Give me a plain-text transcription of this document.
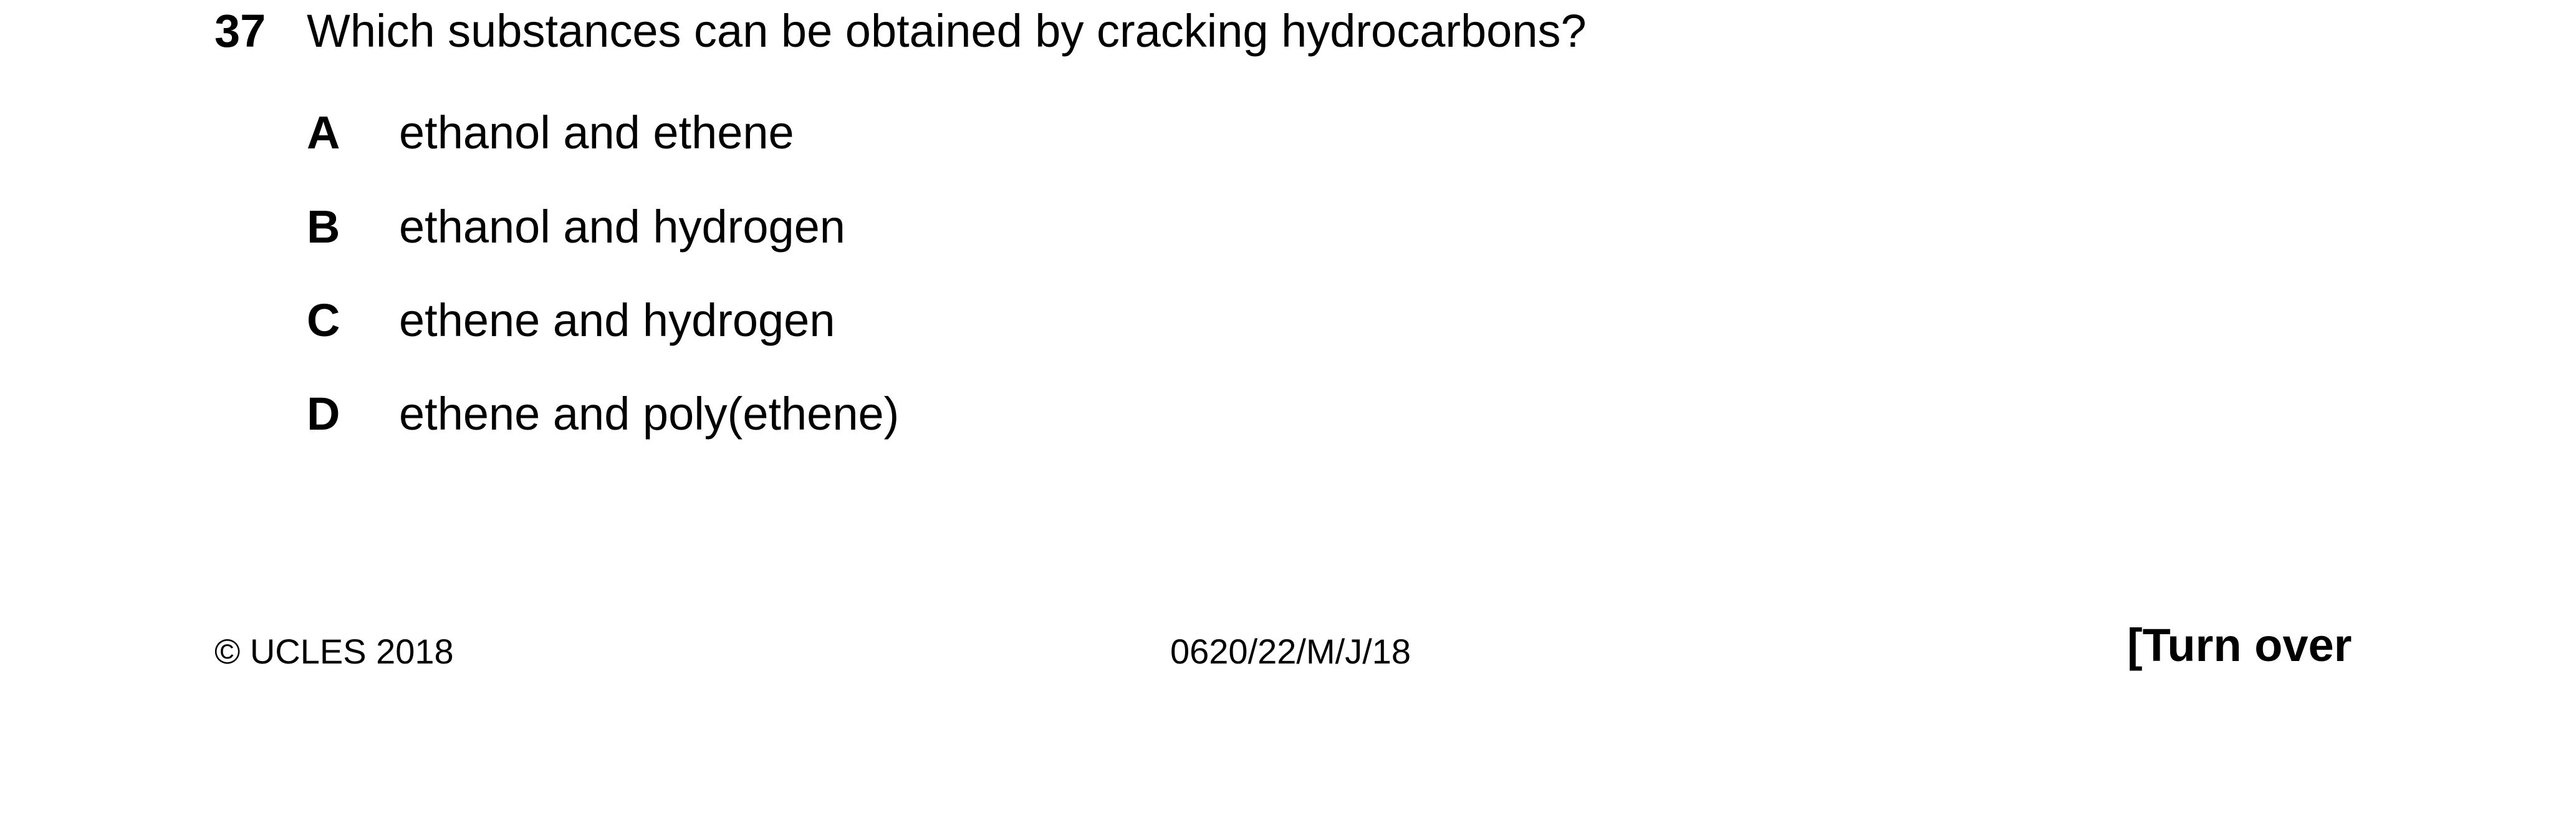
37 Which substances can be obtained by cracking hydrocarbons?
A ethanol and ethene
B ethanol and hydrogen
C ethene and hydrogen
D ethene and poly(ethene)
© UCLES 2018	0620/22/M/J/18	[Turn over
